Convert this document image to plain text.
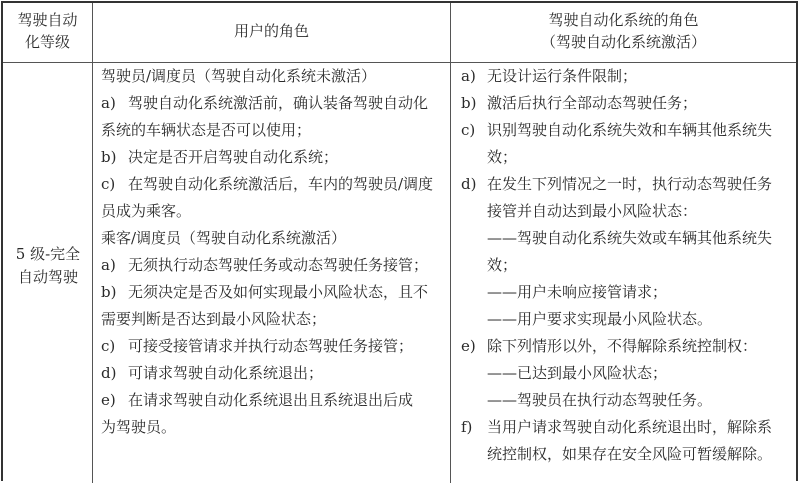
驾驶自动
化等级
用户的角色
驾驶自动化系统的角色
（驾驶自动化系统激活）
5 级-完全
自动驾驶
驾驶员/调度员（驾驶自动化系统未激活）
a) 驾驶自动化系统激活前，确认装备驾驶自动化
系统的车辆状态是否可以使用；
b) 决定是否开启驾驶自动化系统；
c) 在驾驶自动化系统激活后，车内的驾驶员/调度
员成为乘客。
乘客/调度员（驾驶自动化系统激活）
a) 无须执行动态驾驶任务或动态驾驶任务接管；
b) 无须决定是否及如何实现最小风险状态，且不
需要判断是否达到最小风险状态；
c) 可接受接管请求并执行动态驾驶任务接管；
d) 可请求驾驶自动化系统退出；
e) 在请求驾驶自动化系统退出且系统退出后成
为驾驶员。
a) 无设计运行条件限制；
b) 激活后执行全部动态驾驶任务；
c) 识别驾驶自动化系统失效和车辆其他系统失
效；
d) 在发生下列情况之一时，执行动态驾驶任务
接管并自动达到最小风险状态：
——驾驶自动化系统失效或车辆其他系统失
效；
——用户未响应接管请求；
——用户要求实现最小风险状态。
e) 除下列情形以外，不得解除系统控制权：
——已达到最小风险状态；
——驾驶员在执行动态驾驶任务。
f) 当用户请求驾驶自动化系统退出时，解除系
统控制权，如果存在安全风险可暂缓解除。
